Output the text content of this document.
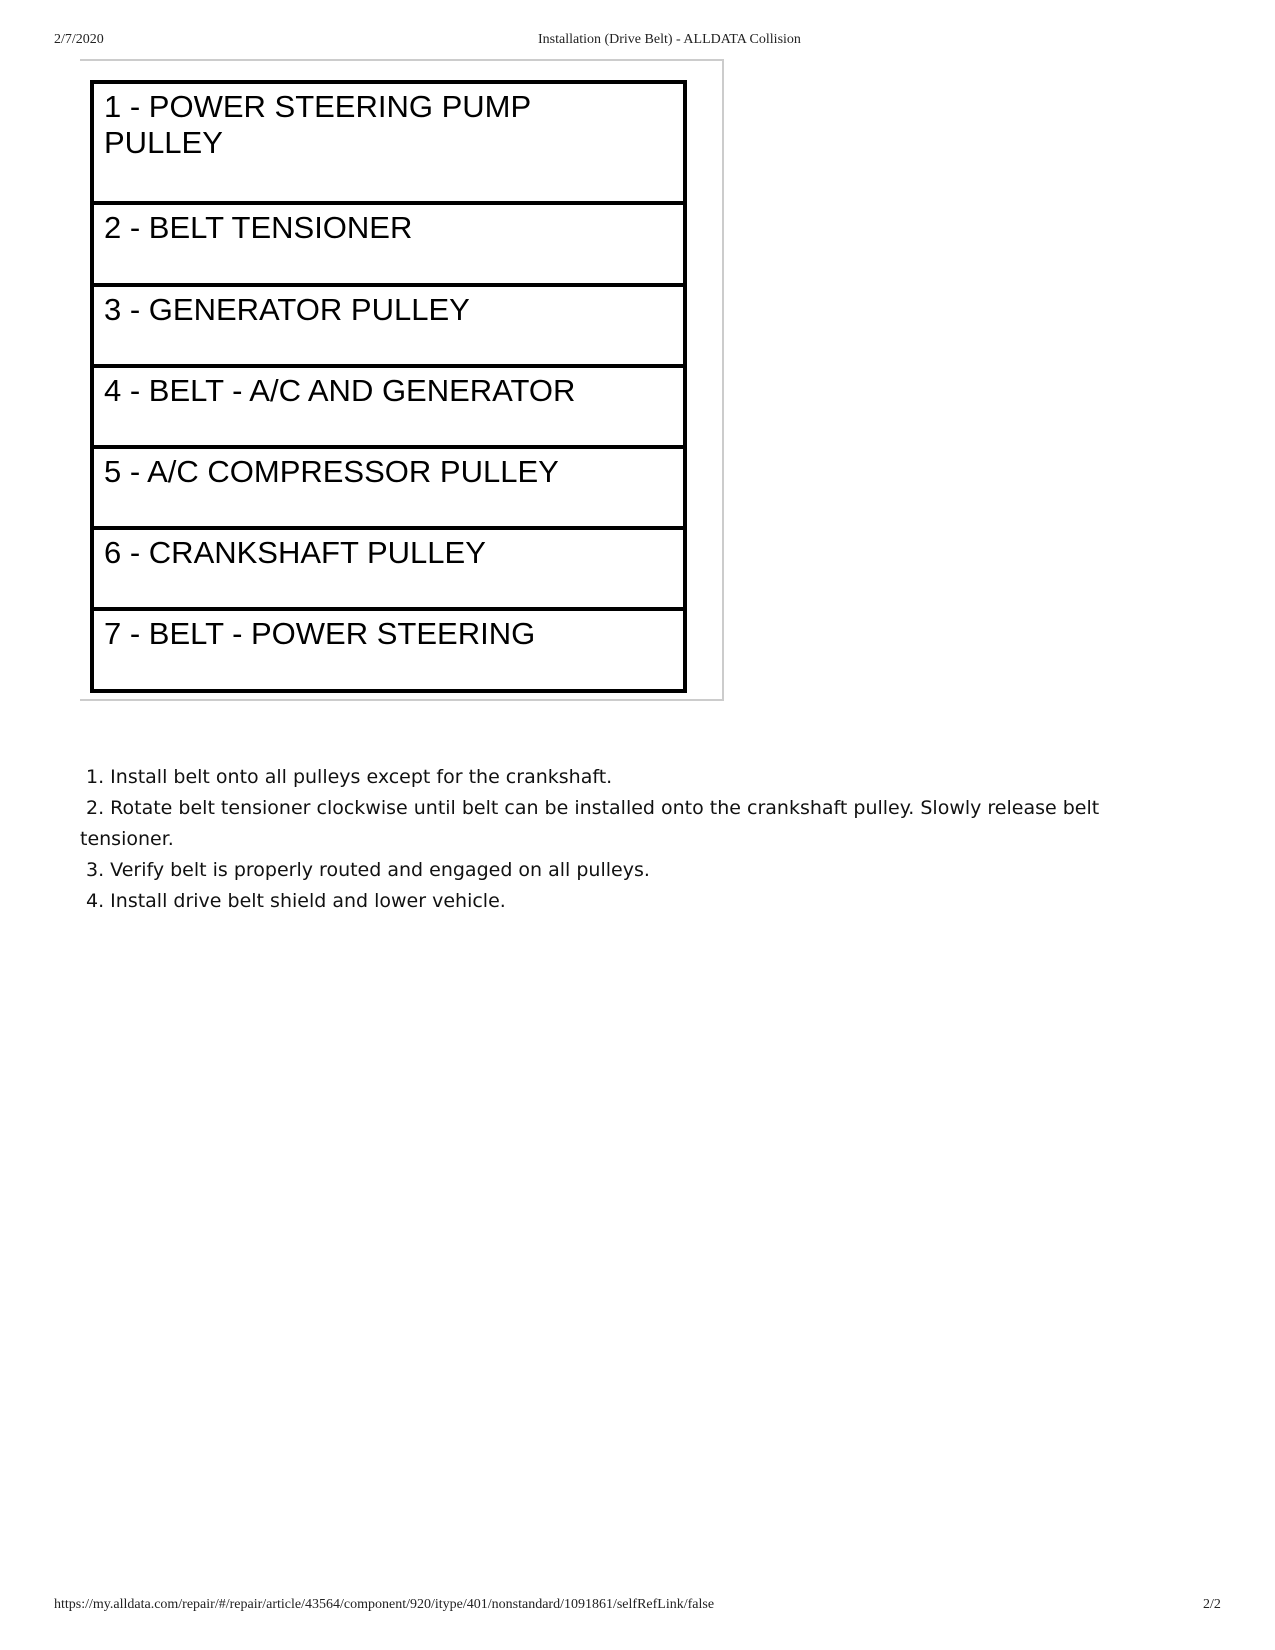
2/7/2020	Installation (Drive Belt) - ALLDATA Collision
1 - POWER STEERING PUMP PULLEY
2 - BELT TENSIONER
3 - GENERATOR PULLEY
4 - BELT - A/C AND GENERATOR
5 - A/C COMPRESSOR PULLEY
6 - CRANKSHAFT PULLEY
7 - BELT - POWER STEERING
1. Install belt onto all pulleys except for the crankshaft.
2. Rotate belt tensioner clockwise until belt can be installed onto the crankshaft pulley. Slowly release belt tensioner.
3. Verify belt is properly routed and engaged on all pulleys.
4. Install drive belt shield and lower vehicle.
https://my.alldata.com/repair/#/repair/article/43564/component/920/itype/401/nonstandard/1091861/selfRefLink/false	2/2
